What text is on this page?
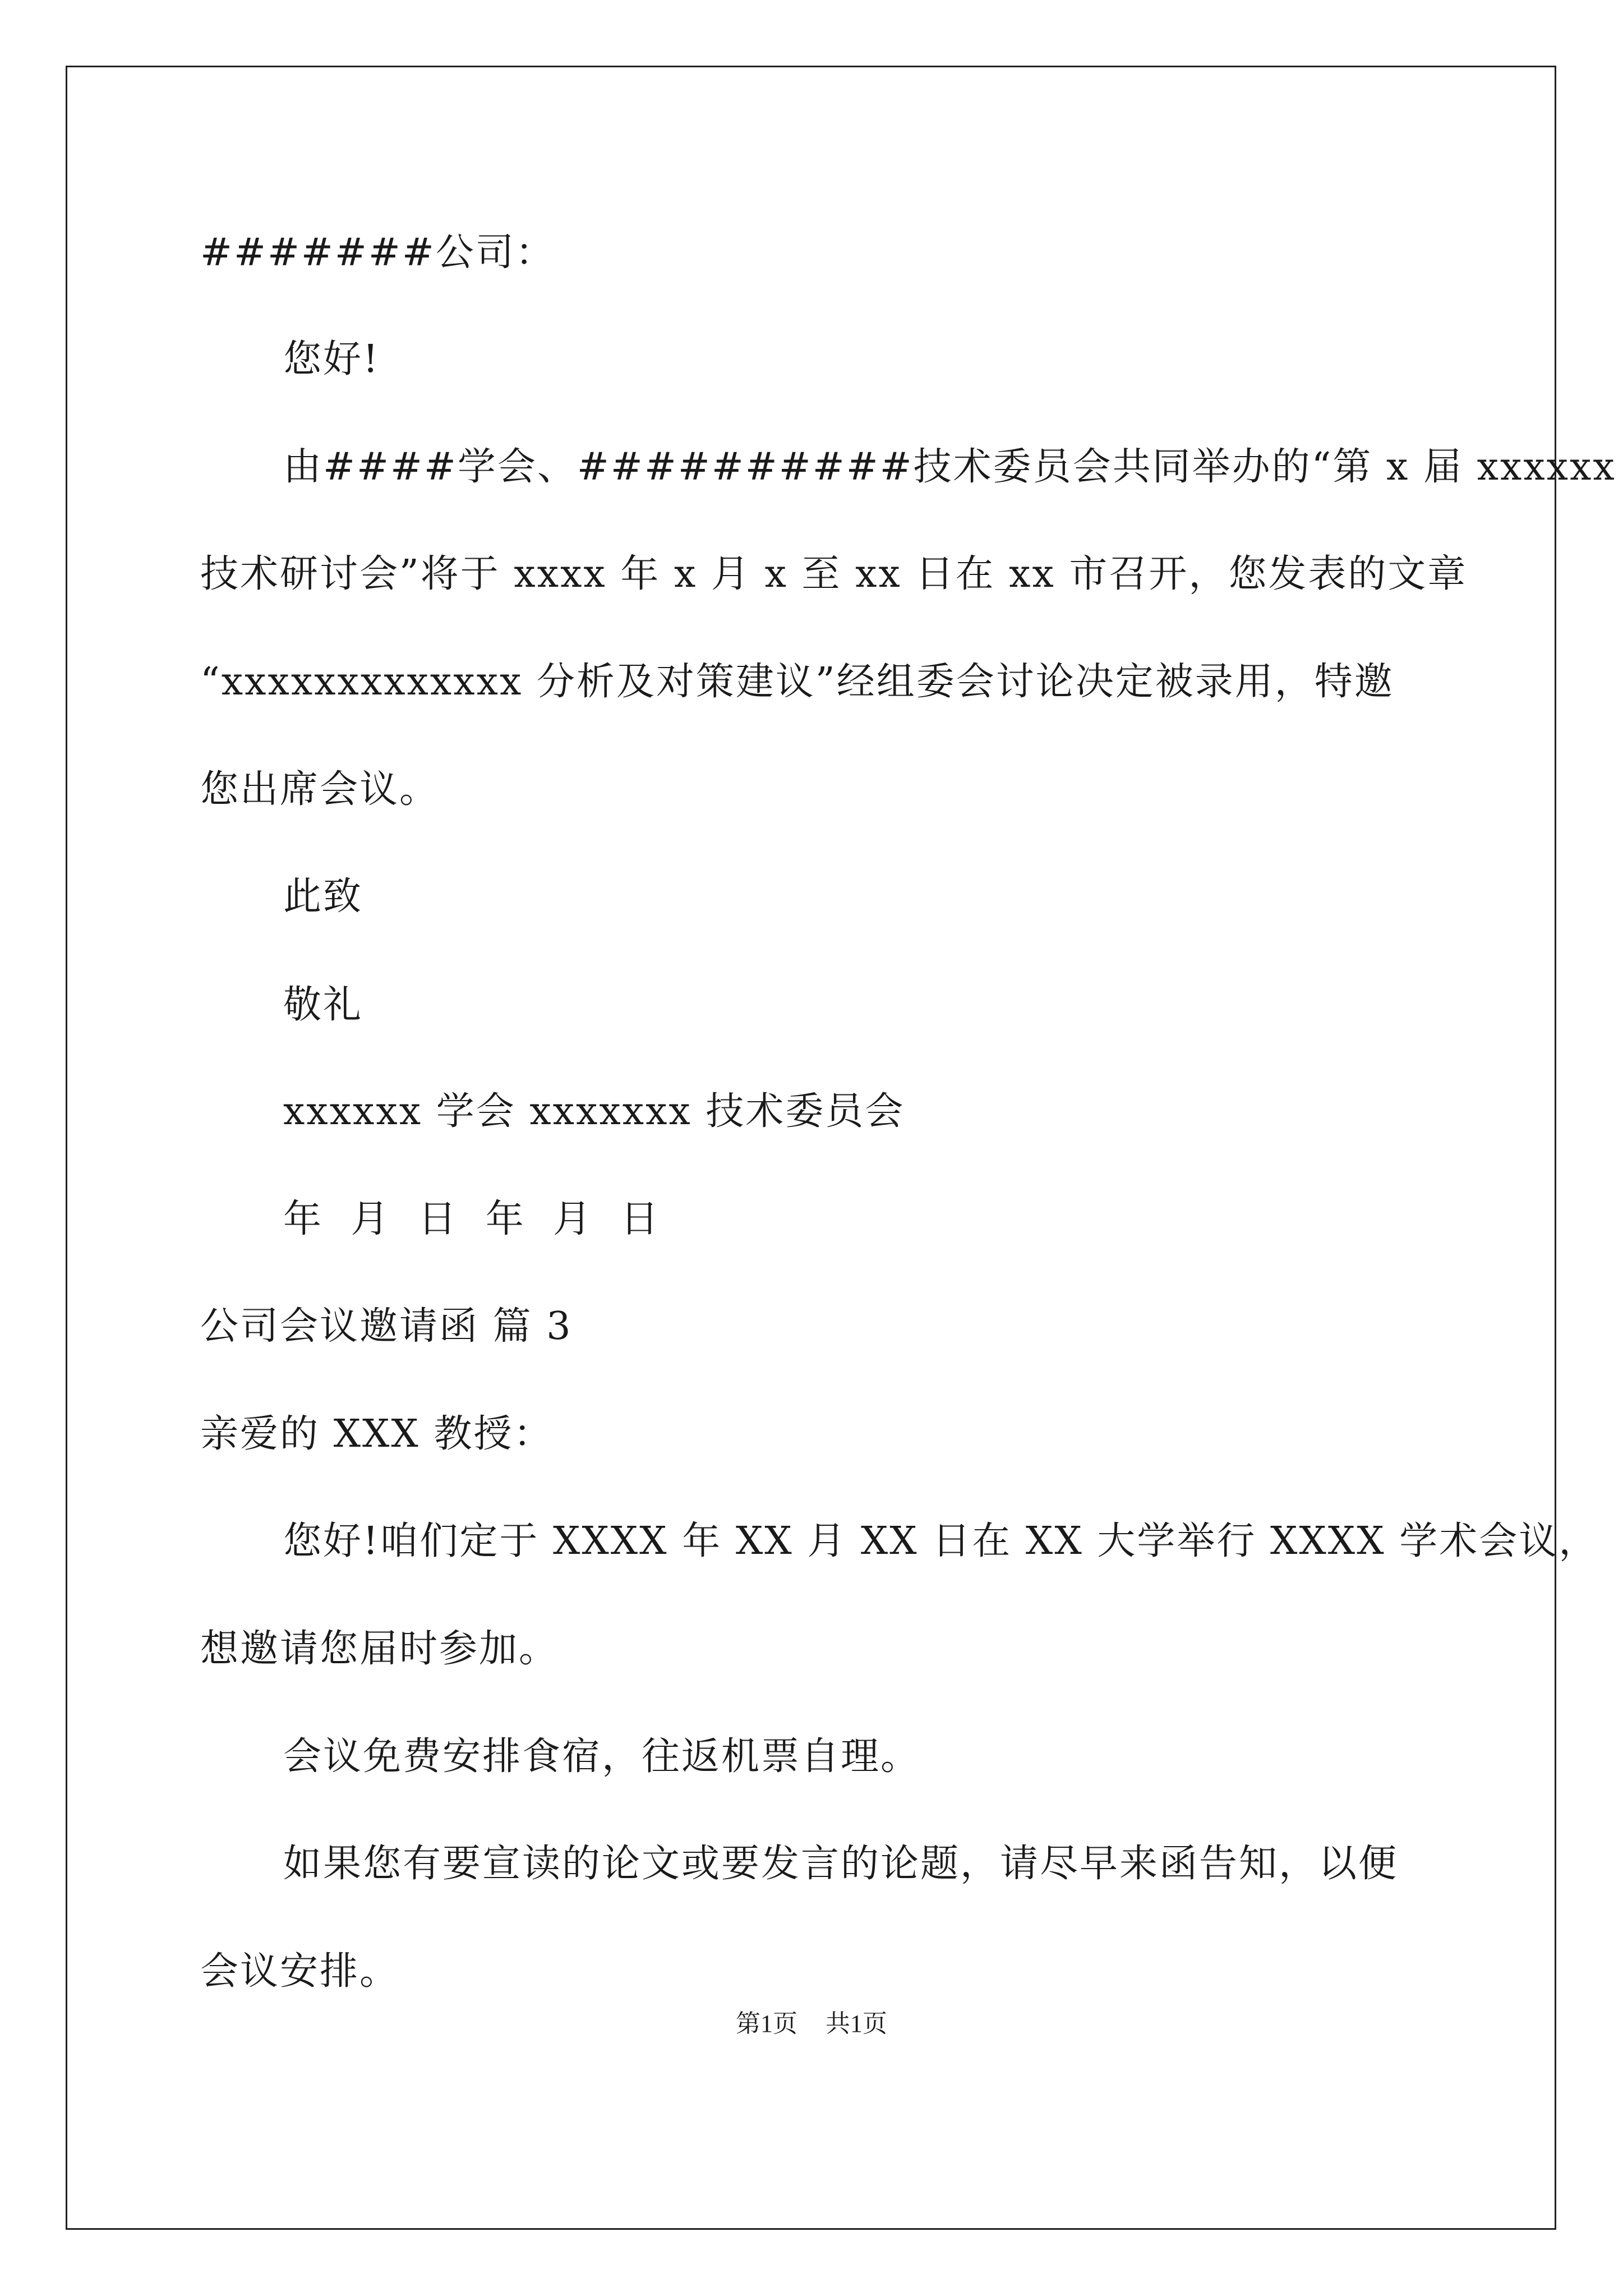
#######公司：
您好!
由####学会、##########技术委员会共同举办的“第 x 届 xxxxxx
技术研讨会”将于 xxxx 年 x 月 x 至 xx 日在 xx 市召开，您发表的文章
“xxxxxxxxxxxxx 分析及对策建议”经组委会讨论决定被录用，特邀
您出席会议。
此致
敬礼
xxxxxx 学会 xxxxxxx 技术委员会
年  月  日  年  月  日
公司会议邀请函 篇 3
亲爱的 XXX 教授：
您好!咱们定于 XXXX 年 XX 月 XX 日在 XX 大学举行 XXXX 学术会议，
想邀请您届时参加。
会议免费安排食宿，往返机票自理。
如果您有要宣读的论文或要发言的论题，请尽早来函告知，以便
会议安排。
第1页 共1页
